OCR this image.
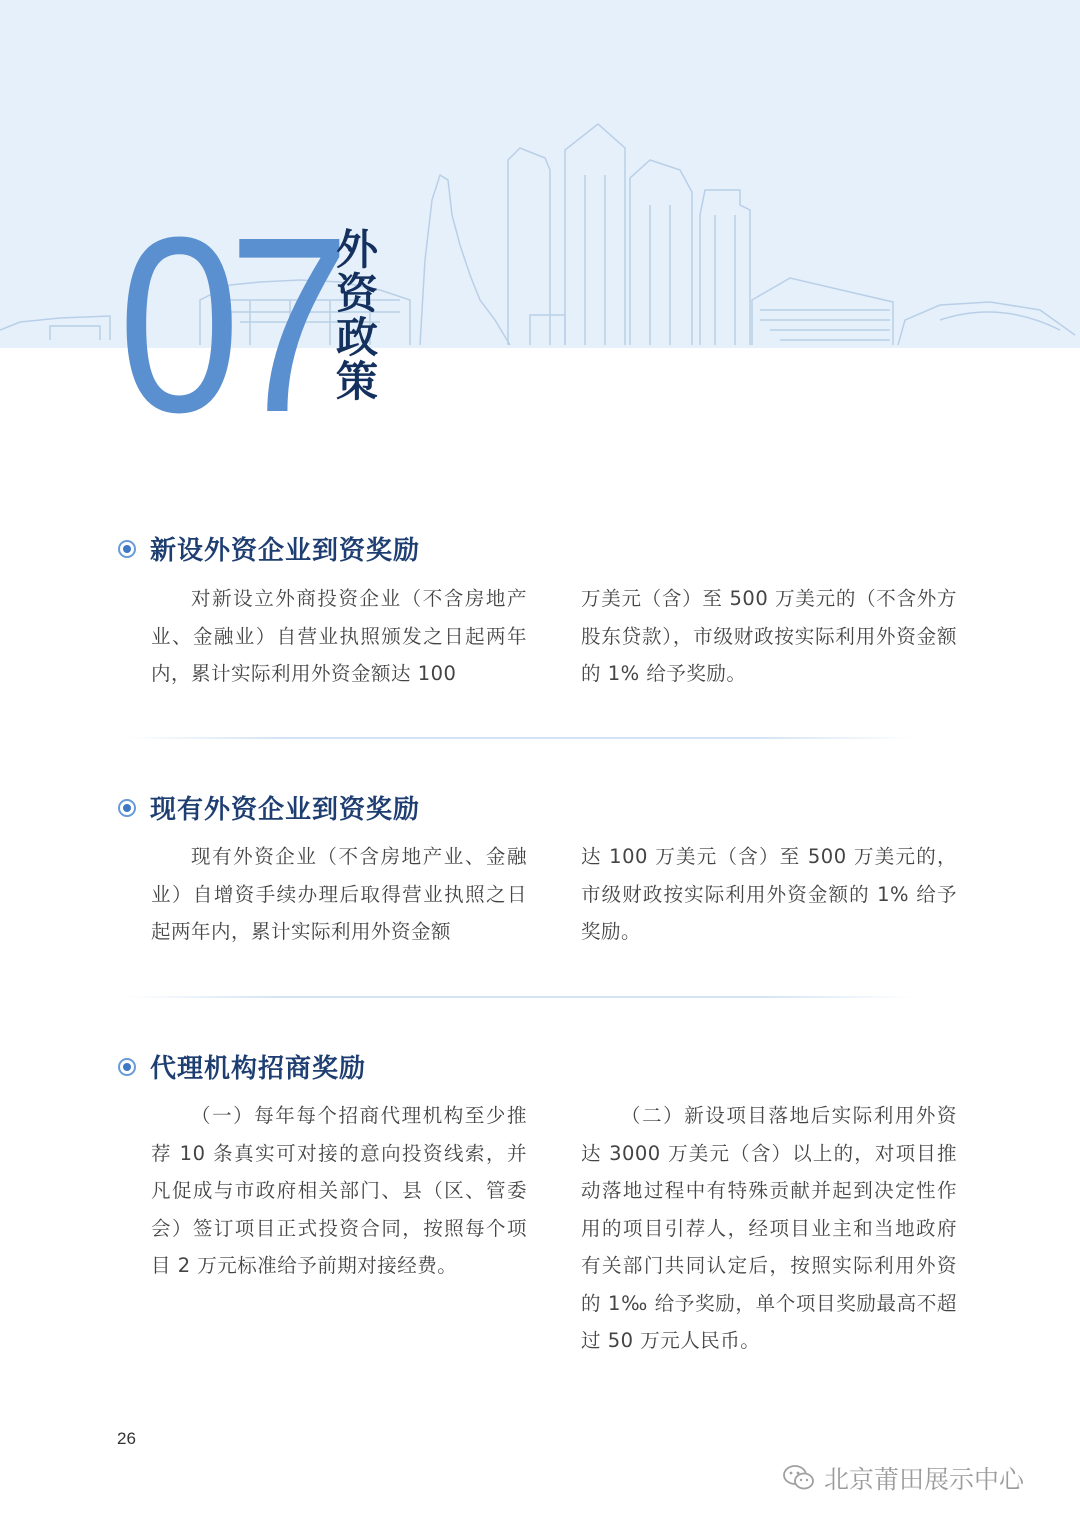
07
外资政策
新设外资企业到资奖励
对新设立外商投资企业（不含房地产业、金融业）自营业执照颁发之日起两年内，累计实际利用外资金额达 100
万美元（含）至 500 万美元的（不含外方股东贷款），市级财政按实际利用外资金额的 1% 给予奖励。
现有外资企业到资奖励
现有外资企业（不含房地产业、金融业）自增资手续办理后取得营业执照之日起两年内，累计实际利用外资金额
达 100 万美元（含）至 500 万美元的，市级财政按实际利用外资金额的 1% 给予奖励。
代理机构招商奖励
（一）每年每个招商代理机构至少推荐 10 条真实可对接的意向投资线索，并凡促成与市政府相关部门、县（区、管委会）签订项目正式投资合同，按照每个项目 2 万元标准给予前期对接经费。
（二）新设项目落地后实际利用外资达 3000 万美元（含）以上的，对项目推动落地过程中有特殊贡献并起到决定性作用的项目引荐人，经项目业主和当地政府有关部门共同认定后，按照实际利用外资的 1‰ 给予奖励，单个项目奖励最高不超过 50 万元人民币。
26
北京莆田展示中心
